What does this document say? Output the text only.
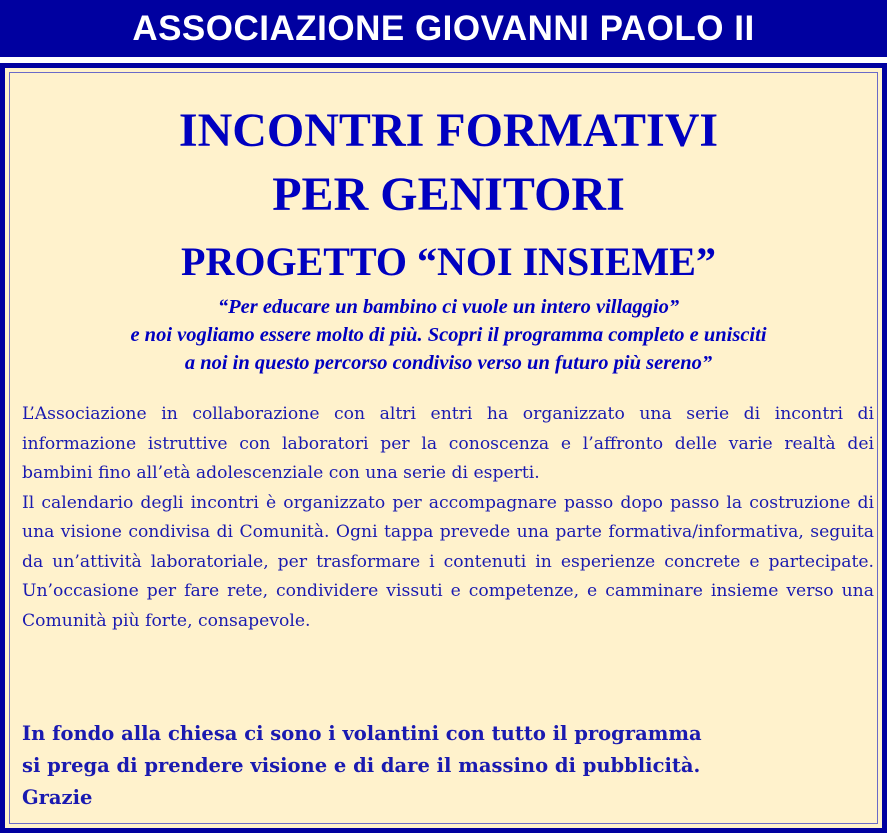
ASSOCIAZIONE GIOVANNI PAOLO II
INCONTRI FORMATIVI
PER GENITORI
PROGETTO “NOI INSIEME”
“Per educare un bambino ci vuole un intero villaggio”
e noi vogliamo essere molto di più. Scopri il programma completo e unisciti
a noi in questo percorso condiviso verso un futuro più sereno”

L’Associazione in collaborazione con altri entri ha organizzato una serie di incontri di informazione istruttive con laboratori per la conoscenza e l’affronto delle varie realtà dei bambini fino all’età adolescenziale con una serie di esperti.

Il calendario degli incontri è organizzato per accompagnare passo dopo passo la costruzione di una visione condivisa di Comunità. Ogni tappa prevede una parte formativa/informativa, seguita da un’attività laboratoriale, per trasformare i contenuti in esperienze concrete e partecipate. Un’occasione per fare rete, condividere vissuti e competenze, e camminare insieme verso una Comunità più forte, consapevole.

In fondo alla chiesa ci sono i volantini con tutto il programma
si prega di prendere visione e di dare il massino di pubblicità.
Grazie
